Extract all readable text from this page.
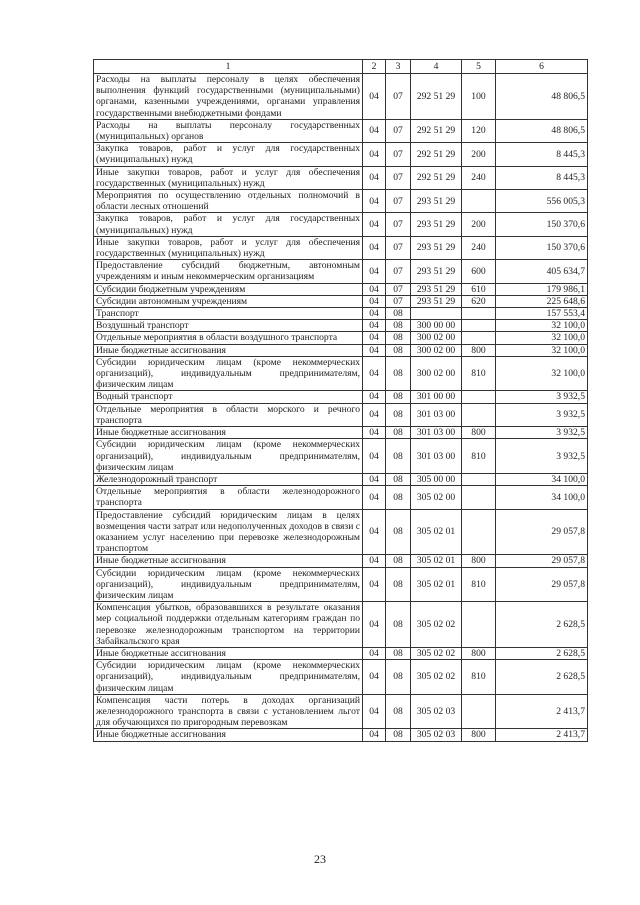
1	2	3	4	5	6
Расходы на выплаты персоналу в целях обеспечения выполнения функций государственными (муниципальными) органами, казенными учреждениями, органами управления государственными внебюджетными фондами	04	07	292 51 29	100	48 806,5
Расходы на выплаты персоналу государственных (муниципальных) органов	04	07	292 51 29	120	48 806,5
Закупка товаров, работ и услуг для государственных (муниципальных) нужд	04	07	292 51 29	200	8 445,3
Иные закупки товаров, работ и услуг для обеспечения государственных (муниципальных) нужд	04	07	292 51 29	240	8 445,3
Мероприятия по осуществлению отдельных полномочий в области лесных отношений	04	07	293 51 29		556 005,3
Закупка товаров, работ и услуг для государственных (муниципальных) нужд	04	07	293 51 29	200	150 370,6
Иные закупки товаров, работ и услуг для обеспечения государственных (муниципальных) нужд	04	07	293 51 29	240	150 370,6
Предоставление субсидий бюджетным, автономным учреждениям и иным некоммерческим организациям	04	07	293 51 29	600	405 634,7
Субсидии бюджетным учреждениям	04	07	293 51 29	610	179 986,1
Субсидии автономным учреждениям	04	07	293 51 29	620	225 648,6
Транспорт	04	08			157 553,4
Воздушный транспорт	04	08	300 00 00		32 100,0
Отдельные мероприятия в области воздушного транспорта	04	08	300 02 00		32 100,0
Иные бюджетные ассигнования	04	08	300 02 00	800	32 100,0
Субсидии юридическим лицам (кроме некоммерческих организаций), индивидуальным предпринимателям, физическим лицам	04	08	300 02 00	810	32 100,0
Водный транспорт	04	08	301 00 00		3 932,5
Отдельные мероприятия в области морского и речного транспорта	04	08	301 03 00		3 932,5
Иные бюджетные ассигнования	04	08	301 03 00	800	3 932,5
Субсидии юридическим лицам (кроме некоммерческих организаций), индивидуальным предпринимателям, физическим лицам	04	08	301 03 00	810	3 932,5
Железнодорожный транспорт	04	08	305 00 00		34 100,0
Отдельные мероприятия в области железнодорожного транспорта	04	08	305 02 00		34 100,0
Предоставление субсидий юридическим лицам в целях возмещения части затрат или недополученных доходов в связи с оказанием услуг населению при перевозке железнодорожным транспортом	04	08	305 02 01		29 057,8
Иные бюджетные ассигнования	04	08	305 02 01	800	29 057,8
Субсидии юридическим лицам (кроме некоммерческих организаций), индивидуальным предпринимателям, физическим лицам	04	08	305 02 01	810	29 057,8
Компенсация убытков, образовавшихся в результате оказания мер социальной поддержки отдельным категориям граждан по перевозке железнодорожным транспортом на территории Забайкальского края	04	08	305 02 02		2 628,5
Иные бюджетные ассигнования	04	08	305 02 02	800	2 628,5
Субсидии юридическим лицам (кроме некоммерческих организаций), индивидуальным предпринимателям, физическим лицам	04	08	305 02 02	810	2 628,5
Компенсация части потерь в доходах организаций железнодорожного транспорта в связи с установлением льгот для обучающихся по пригородным перевозкам	04	08	305 02 03		2 413,7
Иные бюджетные ассигнования	04	08	305 02 03	800	2 413,7
23
